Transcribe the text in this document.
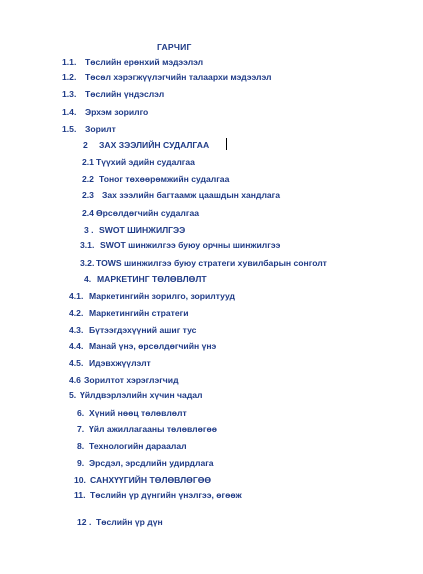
ГАРЧИГ
1.1. Төслийн ерөнхий мэдээлэл
1.2. Төсөл хэрэгжүүлэгчийн талаархи мэдээлэл
1.3. Төслийн үндэслэл
1.4. Эрхэм зорилго
1.5. Зорилт
2 ЗАХ ЗЭЭЛИЙН СУДАЛГАА
2.1 Түүхий эдийн судалгаа
2.2 Тоног төхөөрөмжийн судалгаа
2.3 Зах зээлийн багтаамж цаашдын хандлага
2.4 Өрсөлдөгчийн судалгаа
3 . SWOT ШИНЖИЛГЭЭ
3.1. SWOT шинжилгээ буюу орчны шинжилгээ
3.2. TOWS шинжилгээ буюу стратеги хувилбарын сонголт
4. МАРКЕТИНГ ТӨЛӨВЛӨЛТ
4.1. Маркетингийн зорилго, зорилтууд
4.2. Маркетингийн стратеги
4.3. Бүтээгдэхүүний ашиг тус
4.4. Манай үнэ, өрсөлдөгчийн үнэ
4.5. Идэвхжүүлэлт
4.6 Зорилтот хэрэглэгчид
5. Үйлдвэрлэлийн хүчин чадал
6. Хүний нөөц төлөвлөлт
7. Үйл ажиллагааны төлөвлөгөө
8. Технологийн дараалал
9. Эрсдэл, эрсдлийн удирдлага
10. САНХҮҮГИЙН ТӨЛӨВЛӨГӨӨ
11. Төслийн үр дүнгийн үнэлгээ, өгөөж
12 . Төслийн үр дүн
